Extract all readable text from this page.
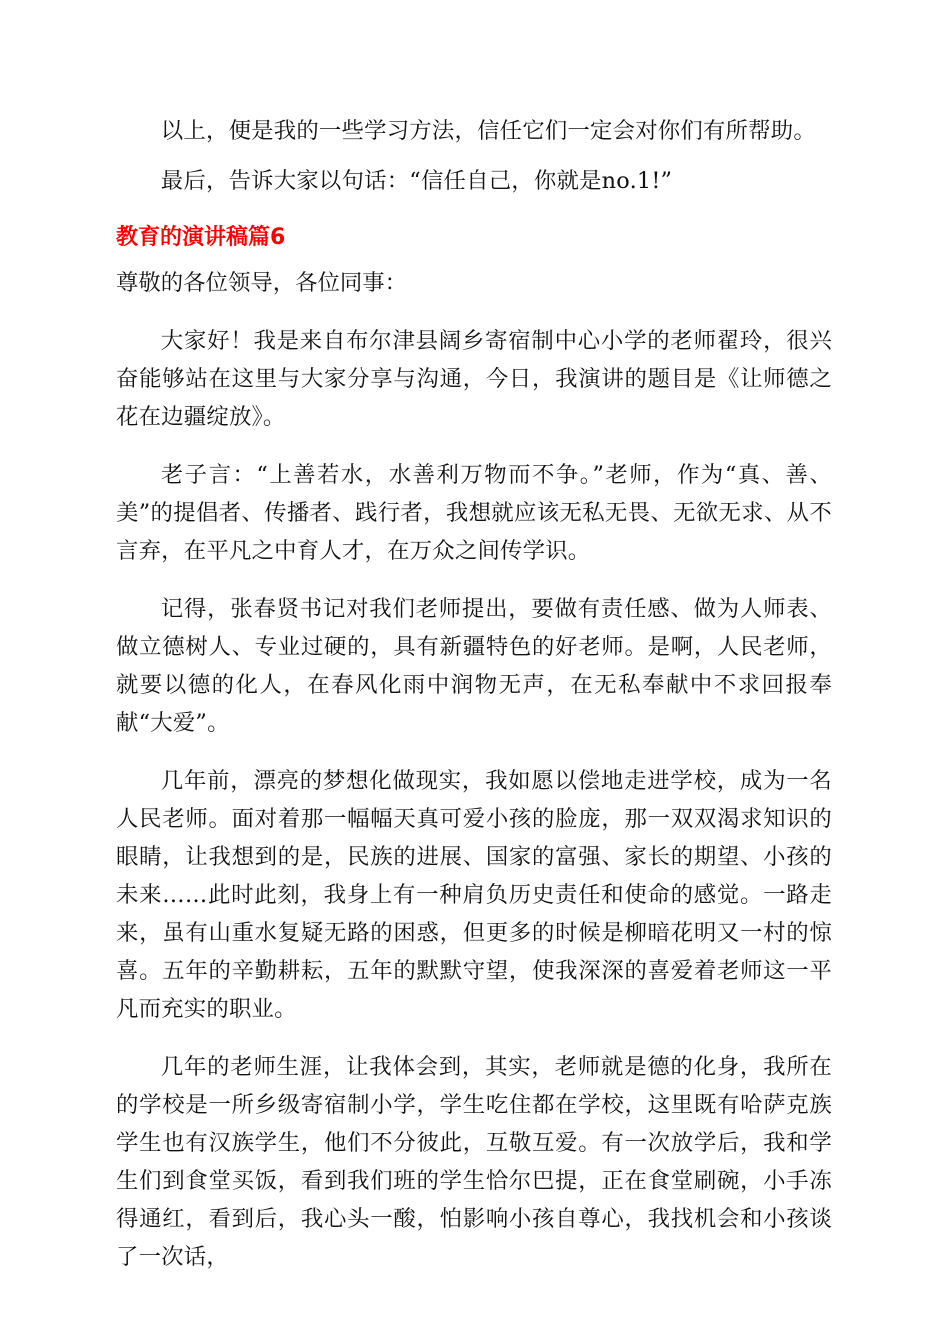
以上，便是我的一些学习方法，信任它们一定会对你们有所帮助。

最后，告诉大家以句话：“信任自己，你就是no.1!”

教育的演讲稿篇6

尊敬的各位领导，各位同事：

大家好！我是来自布尔津县阔乡寄宿制中心小学的老师翟玲，很兴奋能够站在这里与大家分享与沟通，今日，我演讲的题目是《让师德之花在边疆绽放》。

老子言：“上善若水，水善利万物而不争。”老师，作为“真、善、美”的提倡者、传播者、践行者，我想就应该无私无畏、无欲无求、从不言弃，在平凡之中育人才，在万众之间传学识。

记得，张春贤书记对我们老师提出，要做有责任感、做为人师表、做立德树人、专业过硬的，具有新疆特色的好老师。是啊，人民老师，就要以德的化人，在春风化雨中润物无声，在无私奉献中不求回报奉献“大爱”。

几年前，漂亮的梦想化做现实，我如愿以偿地走进学校，成为一名人民老师。面对着那一幅幅天真可爱小孩的脸庞，那一双双渴求知识的眼睛，让我想到的是，民族的进展、国家的富强、家长的期望、小孩的未来……此时此刻，我身上有一种肩负历史责任和使命的感觉。一路走来，虽有山重水复疑无路的困惑，但更多的时候是柳暗花明又一村的惊喜。五年的辛勤耕耘，五年的默默守望，使我深深的喜爱着老师这一平凡而充实的职业。

几年的老师生涯，让我体会到，其实，老师就是德的化身，我所在的学校是一所乡级寄宿制小学，学生吃住都在学校，这里既有哈萨克族学生也有汉族学生，他们不分彼此，互敬互爱。有一次放学后，我和学生们到食堂买饭，看到我们班的学生恰尔巴提，正在食堂刷碗，小手冻得通红，看到后，我心头一酸，怕影响小孩自尊心，我找机会和小孩谈了一次话，
